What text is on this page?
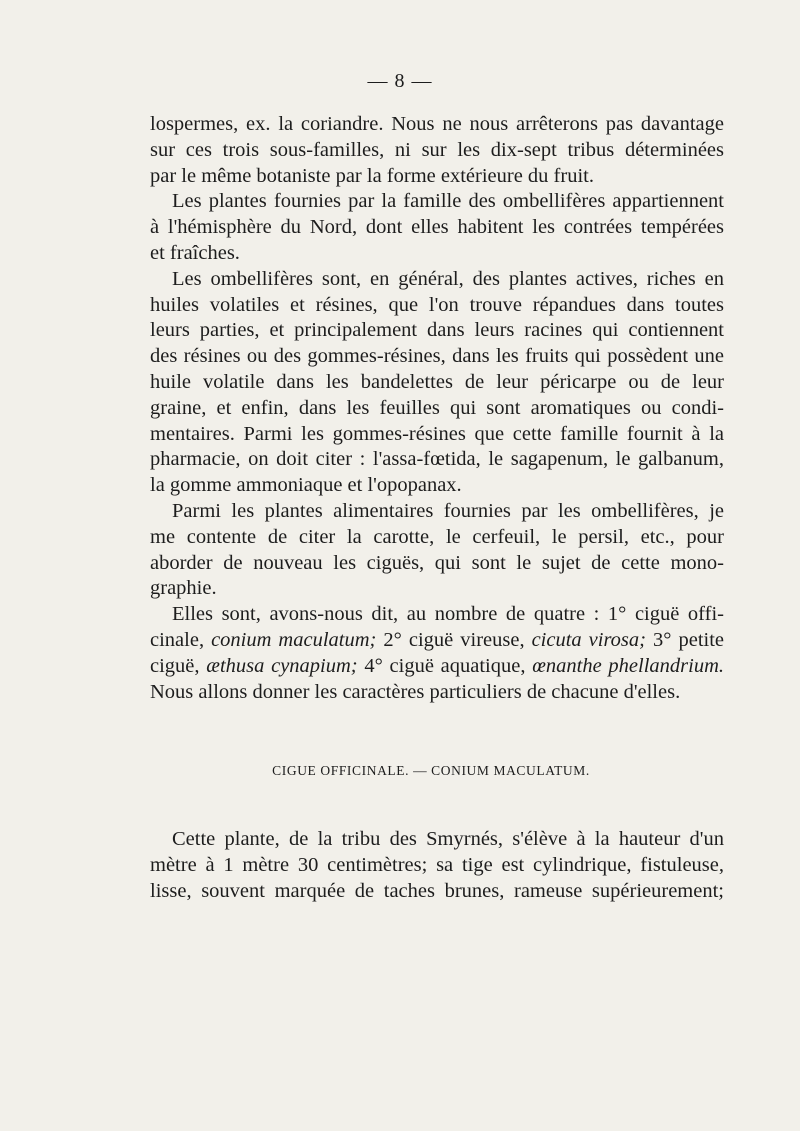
— 8 —
lospermes, ex. la coriandre. Nous ne nous arrêterons pas davantage
sur ces trois sous-familles, ni sur les dix-sept tribus déterminées
par le même botaniste par la forme extérieure du fruit.
Les plantes fournies par la famille des ombellifères appartiennent
à l'hémisphère du Nord, dont elles habitent les contrées tempérées
et fraîches.
Les ombellifères sont, en général, des plantes actives, riches en
huiles volatiles et résines, que l'on trouve répandues dans toutes
leurs parties, et principalement dans leurs racines qui contiennent
des résines ou des gommes-résines, dans les fruits qui possèdent une
huile volatile dans les bandelettes de leur péricarpe ou de leur
graine, et enfin, dans les feuilles qui sont aromatiques ou condi-
mentaires. Parmi les gommes-résines que cette famille fournit à la
pharmacie, on doit citer : l'assa-fœtida, le sagapenum, le galbanum,
la gomme ammoniaque et l'opopanax.
Parmi les plantes alimentaires fournies par les ombellifères, je
me contente de citer la carotte, le cerfeuil, le persil, etc., pour
aborder de nouveau les ciguës, qui sont le sujet de cette mono-
graphie.
Elles sont, avons-nous dit, au nombre de quatre : 1° ciguë offi-
cinale, conium maculatum; 2° ciguë vireuse, cicuta virosa; 3° petite
ciguë, æthusa cynapium; 4° ciguë aquatique, œnanthe phellandrium.
Nous allons donner les caractères particuliers de chacune d'elles.

CIGUE OFFICINALE. — CONIUM MACULATUM.

Cette plante, de la tribu des Smyrnés, s'élève à la hauteur d'un
mètre à 1 mètre 30 centimètres; sa tige est cylindrique, fistuleuse,
lisse, souvent marquée de taches brunes, rameuse supérieurement;
